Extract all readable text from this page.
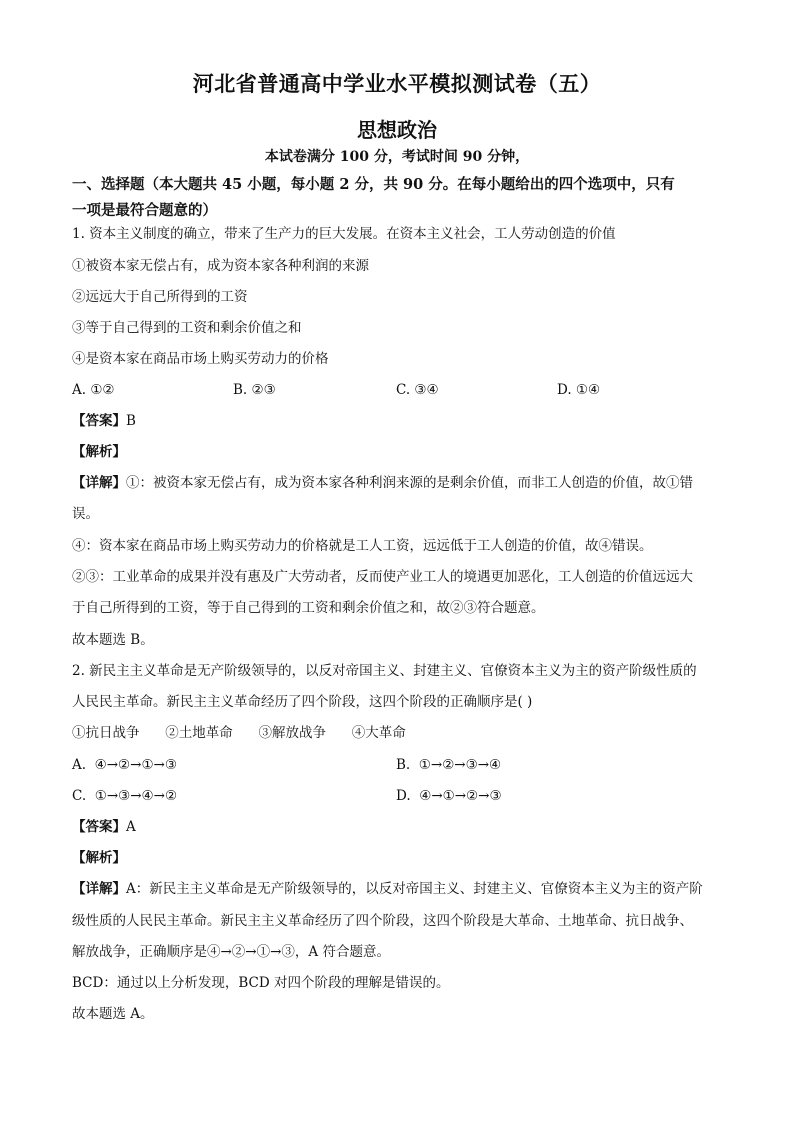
河北省普通高中学业水平模拟测试卷（五）
思想政治
本试卷满分 100 分，考试时间 90 分钟，
一、选择题（本大题共 45 小题，每小题 2 分，共 90 分。在每小题给出的四个选项中，只有
一项是最符合题意的）
1. 资本主义制度的确立，带来了生产力的巨大发展。在资本主义社会，工人劳动创造的价值
①被资本家无偿占有，成为资本家各种利润的来源
②远远大于自己所得到的工资
③等于自己得到的工资和剩余价值之和
④是资本家在商品市场上购买劳动力的价格
A. ①②	B. ②③	C. ③④	D. ①④
【答案】B
【解析】
【详解】①：被资本家无偿占有，成为资本家各种利润来源的是剩余价值，而非工人创造的价值，故①错
误。
④：资本家在商品市场上购买劳动力的价格就是工人工资，远远低于工人创造的价值，故④错误。
②③：工业革命的成果并没有惠及广大劳动者，反而使产业工人的境遇更加恶化，工人创造的价值远远大
于自己所得到的工资，等于自己得到的工资和剩余价值之和，故②③符合题意。
故本题选 B。
2. 新民主主义革命是无产阶级领导的，以反对帝国主义、封建主义、官僚资本主义为主的资产阶级性质的
人民民主革命。新民主主义革命经历了四个阶段，这四个阶段的正确顺序是( )
①抗日战争      ②土地革命      ③解放战争      ④大革命
A.  ④→②→①→③	B.  ①→②→③→④
C.  ①→③→④→②	D.  ④→①→②→③
【答案】A
【解析】
【详解】A：新民主主义革命是无产阶级领导的，以反对帝国主义、封建主义、官僚资本主义为主的资产阶
级性质的人民民主革命。新民主主义革命经历了四个阶段，这四个阶段是大革命、土地革命、抗日战争、
解放战争，正确顺序是④→②→①→③，A 符合题意。
BCD：通过以上分析发现，BCD 对四个阶段的理解是错误的。
故本题选 A。
